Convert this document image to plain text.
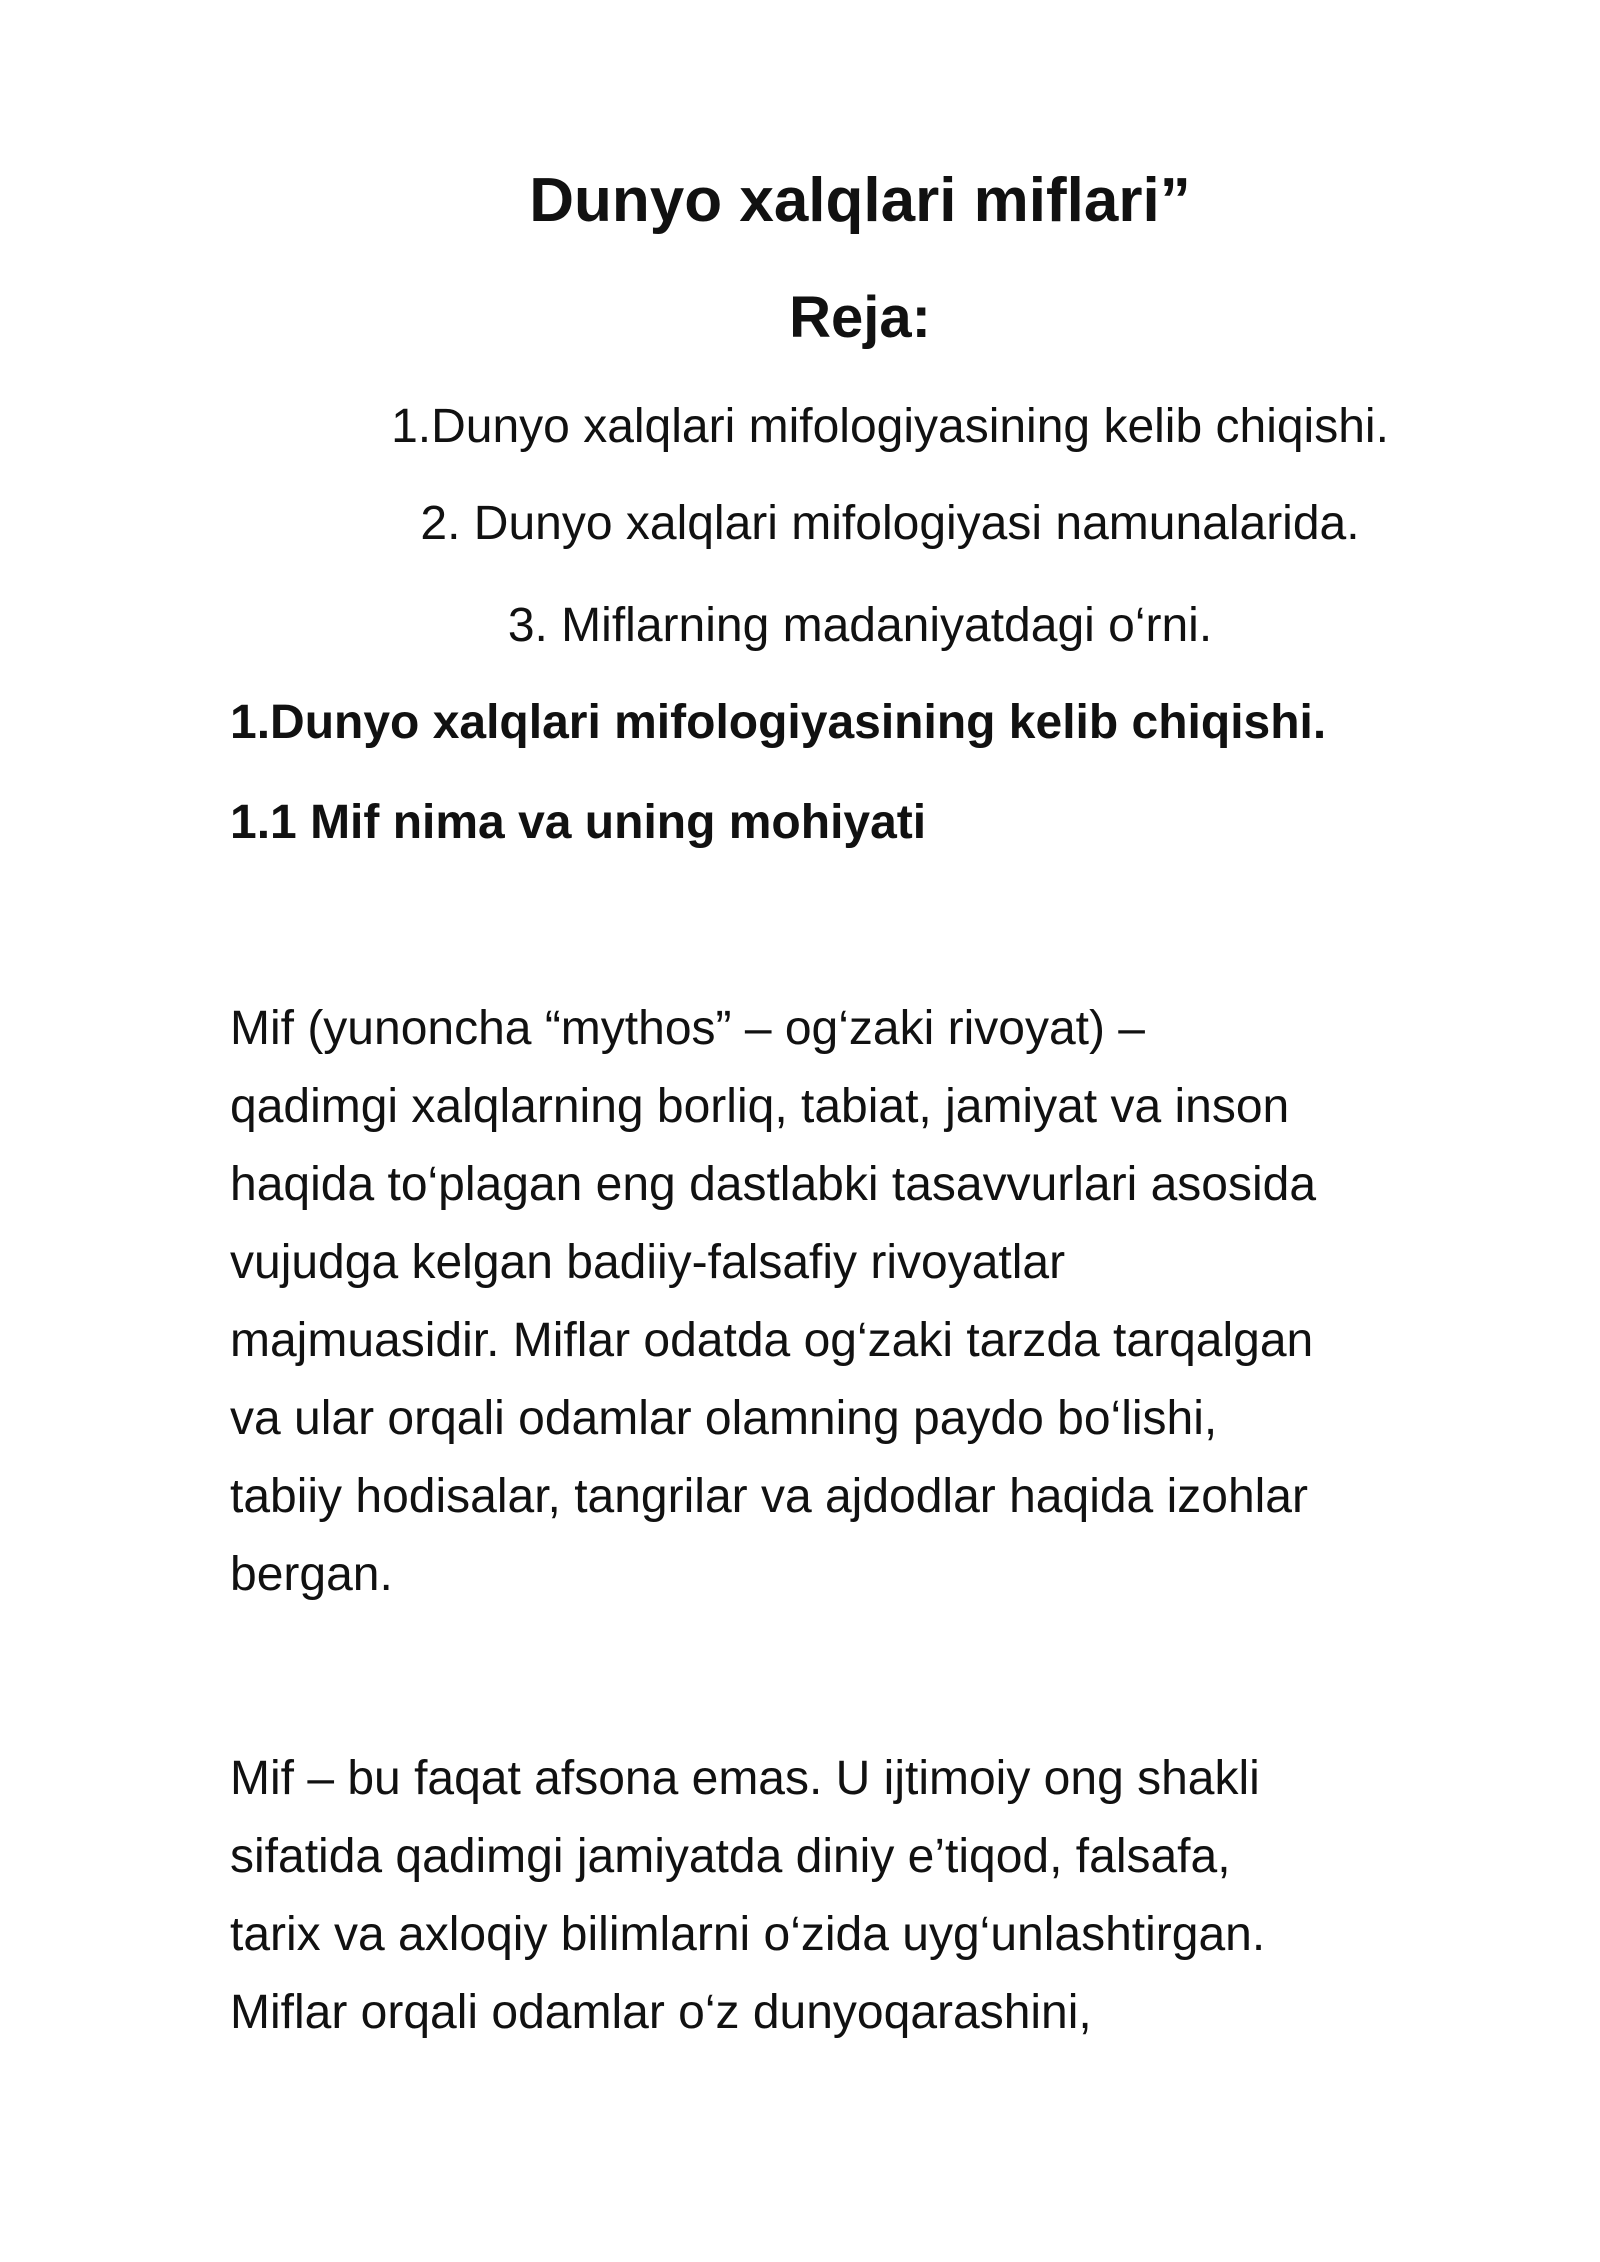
Dunyo xalqlari miflari”
Reja:

1.Dunyo xalqlari mifologiyasining kelib chiqishi.

2. Dunyo xalqlari mifologiyasi namunalarida.

3. Miflarning madaniyatdagi o‘rni.

1.Dunyo xalqlari mifologiyasining kelib chiqishi.
1.1 Mif nima va uning mohiyati
Mif (yunoncha “mythos” – og‘zaki rivoyat) –
qadimgi xalqlarning borliq, tabiat, jamiyat va inson
haqida to‘plagan eng dastlabki tasavvurlari asosida
vujudga kelgan badiiy-falsafiy rivoyatlar
majmuasidir. Miflar odatda og‘zaki tarzda tarqalgan
va ular orqali odamlar olamning paydo bo‘lishi,
tabiiy hodisalar, tangrilar va ajdodlar haqida izohlar
bergan.
Mif – bu faqat afsona emas. U ijtimoiy ong shakli
sifatida qadimgi jamiyatda diniy e’tiqod, falsafa,
tarix va axloqiy bilimlarni o‘zida uyg‘unlashtirgan.
Miflar orqali odamlar o‘z dunyoqarashini,
